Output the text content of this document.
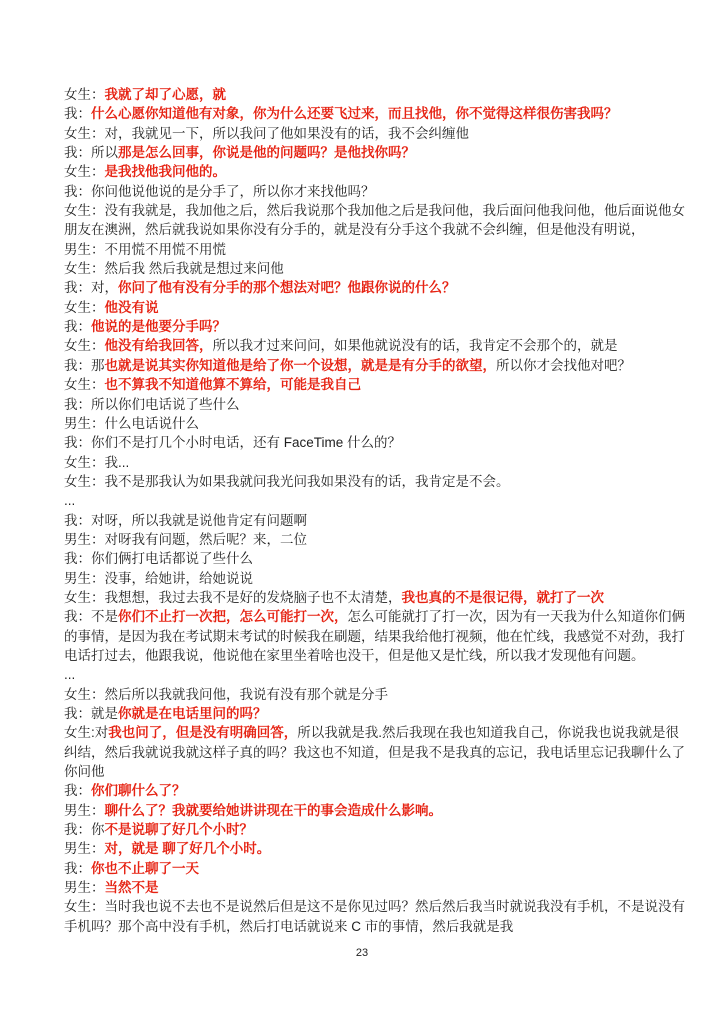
女生：我就了却了心愿，就
我：什么心愿你知道他有对象，你为什么还要飞过来，而且找他，你不觉得这样很伤害我吗？
女生：对，我就见一下，所以我问了他如果没有的话，我不会纠缠他
我：所以那是怎么回事，你说是他的问题吗？是他找你吗？
女生：是我找他我问他的。
我：你问他说他说的是分手了，所以你才来找他吗？
女生：没有我就是，我加他之后，然后我说那个我加他之后是我问他，我后面问他我问他，他后面说他女
朋友在澳洲，然后就我说如果你没有分手的，就是没有分手这个我就不会纠缠，但是他没有明说，
男生：不用慌不用慌不用慌
女生：然后我 然后我就是想过来问他
我：对，你问了他有没有分手的那个想法对吧？他跟你说的什么？
女生：他没有说
我：他说的是他要分手吗？
女生：他没有给我回答，所以我才过来问问，如果他就说没有的话，我肯定不会那个的，就是
我：那也就是说其实你知道他是给了你一个设想，就是是有分手的欲望，所以你才会找他对吧？
女生：也不算我不知道他算不算给，可能是我自己
我：所以你们电话说了些什么
男生：什么电话说什么
我：你们不是打几个小时电话，还有 FaceTime 什么的？
女生：我...
女生：我不是那我认为如果我就问我光问我如果没有的话，我肯定是不会。
...
我：对呀，所以我就是说他肯定有问题啊
男生：对呀我有问题，然后呢？来，二位
我：你们俩打电话都说了些什么
男生：没事，给她讲，给她说说
女生：我想想，我过去我不是好的发烧脑子也不太清楚，我也真的不是很记得，就打了一次
我：不是你们不止打一次把，怎么可能打一次，怎么可能就打了打一次，因为有一天我为什么知道你们俩
的事情，是因为我在考试期末考试的时候我在刷题，结果我给他打视频，他在忙线，我感觉不对劲，我打
电话打过去，他跟我说，他说他在家里坐着啥也没干，但是他又是忙线，所以我才发现他有问题。
...
女生：然后所以我就我问他，我说有没有那个就是分手
我：就是你就是在电话里问的吗？
女生:对我也问了，但是没有明确回答，所以我就是我.然后我现在我也知道我自己，你说我也说我就是很
纠结，然后我就说我就这样子真的吗？我这也不知道，但是我不是我真的忘记，我电话里忘记我聊什么了
你问他
我：你们聊什么了？
男生：聊什么了？我就要给她讲讲现在干的事会造成什么影响。
我：你不是说聊了好几个小时？
男生：对，就是 聊了好几个小时。
我：你也不止聊了一天
男生：当然不是
女生：当时我也说不去也不是说然后但是这不是你见过吗？然后然后我当时就说我没有手机，不是说没有
手机吗？那个高中没有手机，然后打电话就说来 C 市的事情，然后我就是我
23
